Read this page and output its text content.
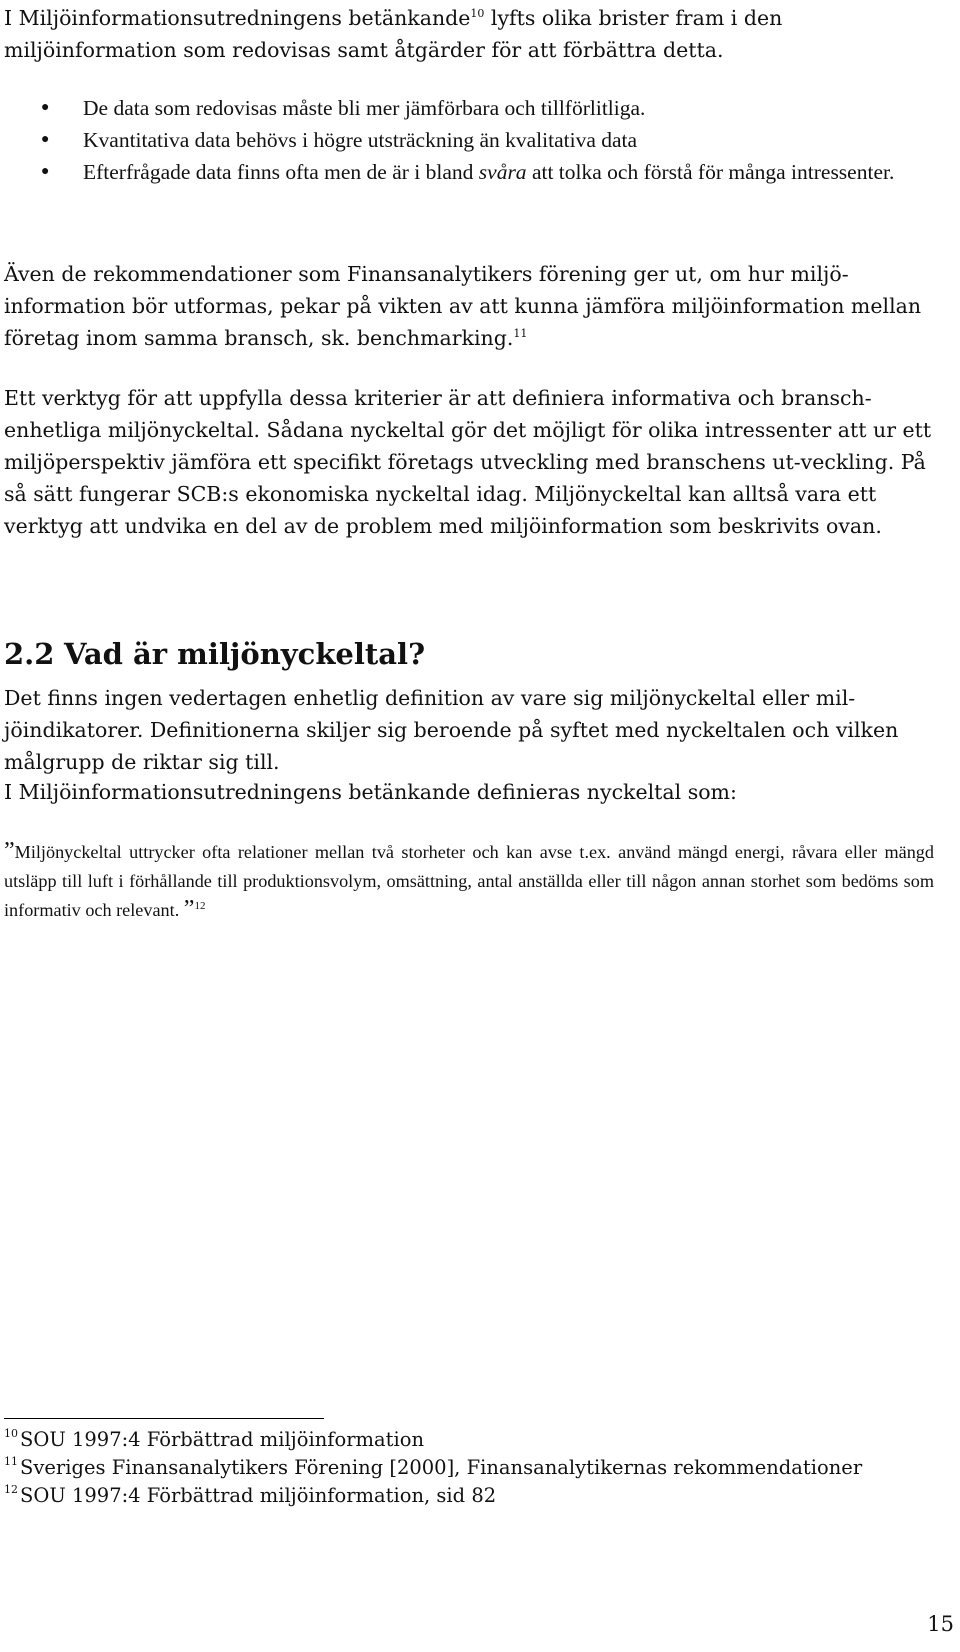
I Miljöinformationsutredningens betänkande$^{10}$ lyfts olika brister fram i den miljöinformation som redovisas samt åtgärder för att förbättra detta.

● De data som redovisas måste bli mer jämförbara och tillförlitliga.
● Kvantitativa data behövs i högre utsträckning än kvalitativa data
● Efterfrågade data finns ofta men de är i bland svåra att tolka och förstå för många intressenter.

Även de rekommendationer som Finansanalytikers förening ger ut, om hur miljö-information bör utformas, pekar på vikten av att kunna jämföra miljöinformation mellan företag inom samma bransch, sk. benchmarking.$^{11}$

Ett verktyg för att uppfylla dessa kriterier är att definiera informativa och bransch-enhetliga miljönyckeltal. Sådana nyckeltal gör det möjligt för olika intressenter att ur ett miljöperspektiv jämföra ett specifikt företags utveckling med branschens ut-veckling. På så sätt fungerar SCB:s ekonomiska nyckeltal idag. Miljönyckeltal kan alltså vara ett verktyg att undvika en del av de problem med miljöinformation som beskrivits ovan.

2.2 Vad är miljönyckeltal?

Det finns ingen vedertagen enhetlig definition av vare sig miljönyckeltal eller mil-jöindikatorer. Definitionerna skiljer sig beroende på syftet med nyckeltalen och vilken målgrupp de riktar sig till.

I Miljöinformationsutredningens betänkande definieras nyckeltal som:

”Miljönyckeltal uttrycker ofta relationer mellan två storheter och kan avse t.ex. använd mängd energi, råvara eller mängd utsläpp till luft i förhållande till produktionsvolym, omsättning, antal anställda eller till någon annan storhet som bedöms som informativ och relevant. ”$^{12}$
10 SOU 1997:4 Förbättrad miljöinformation
11 Sveriges Finansanalytikers Förening [2000], Finansanalytikernas rekommendationer
12 SOU 1997:4 Förbättrad miljöinformation, sid 82
15
